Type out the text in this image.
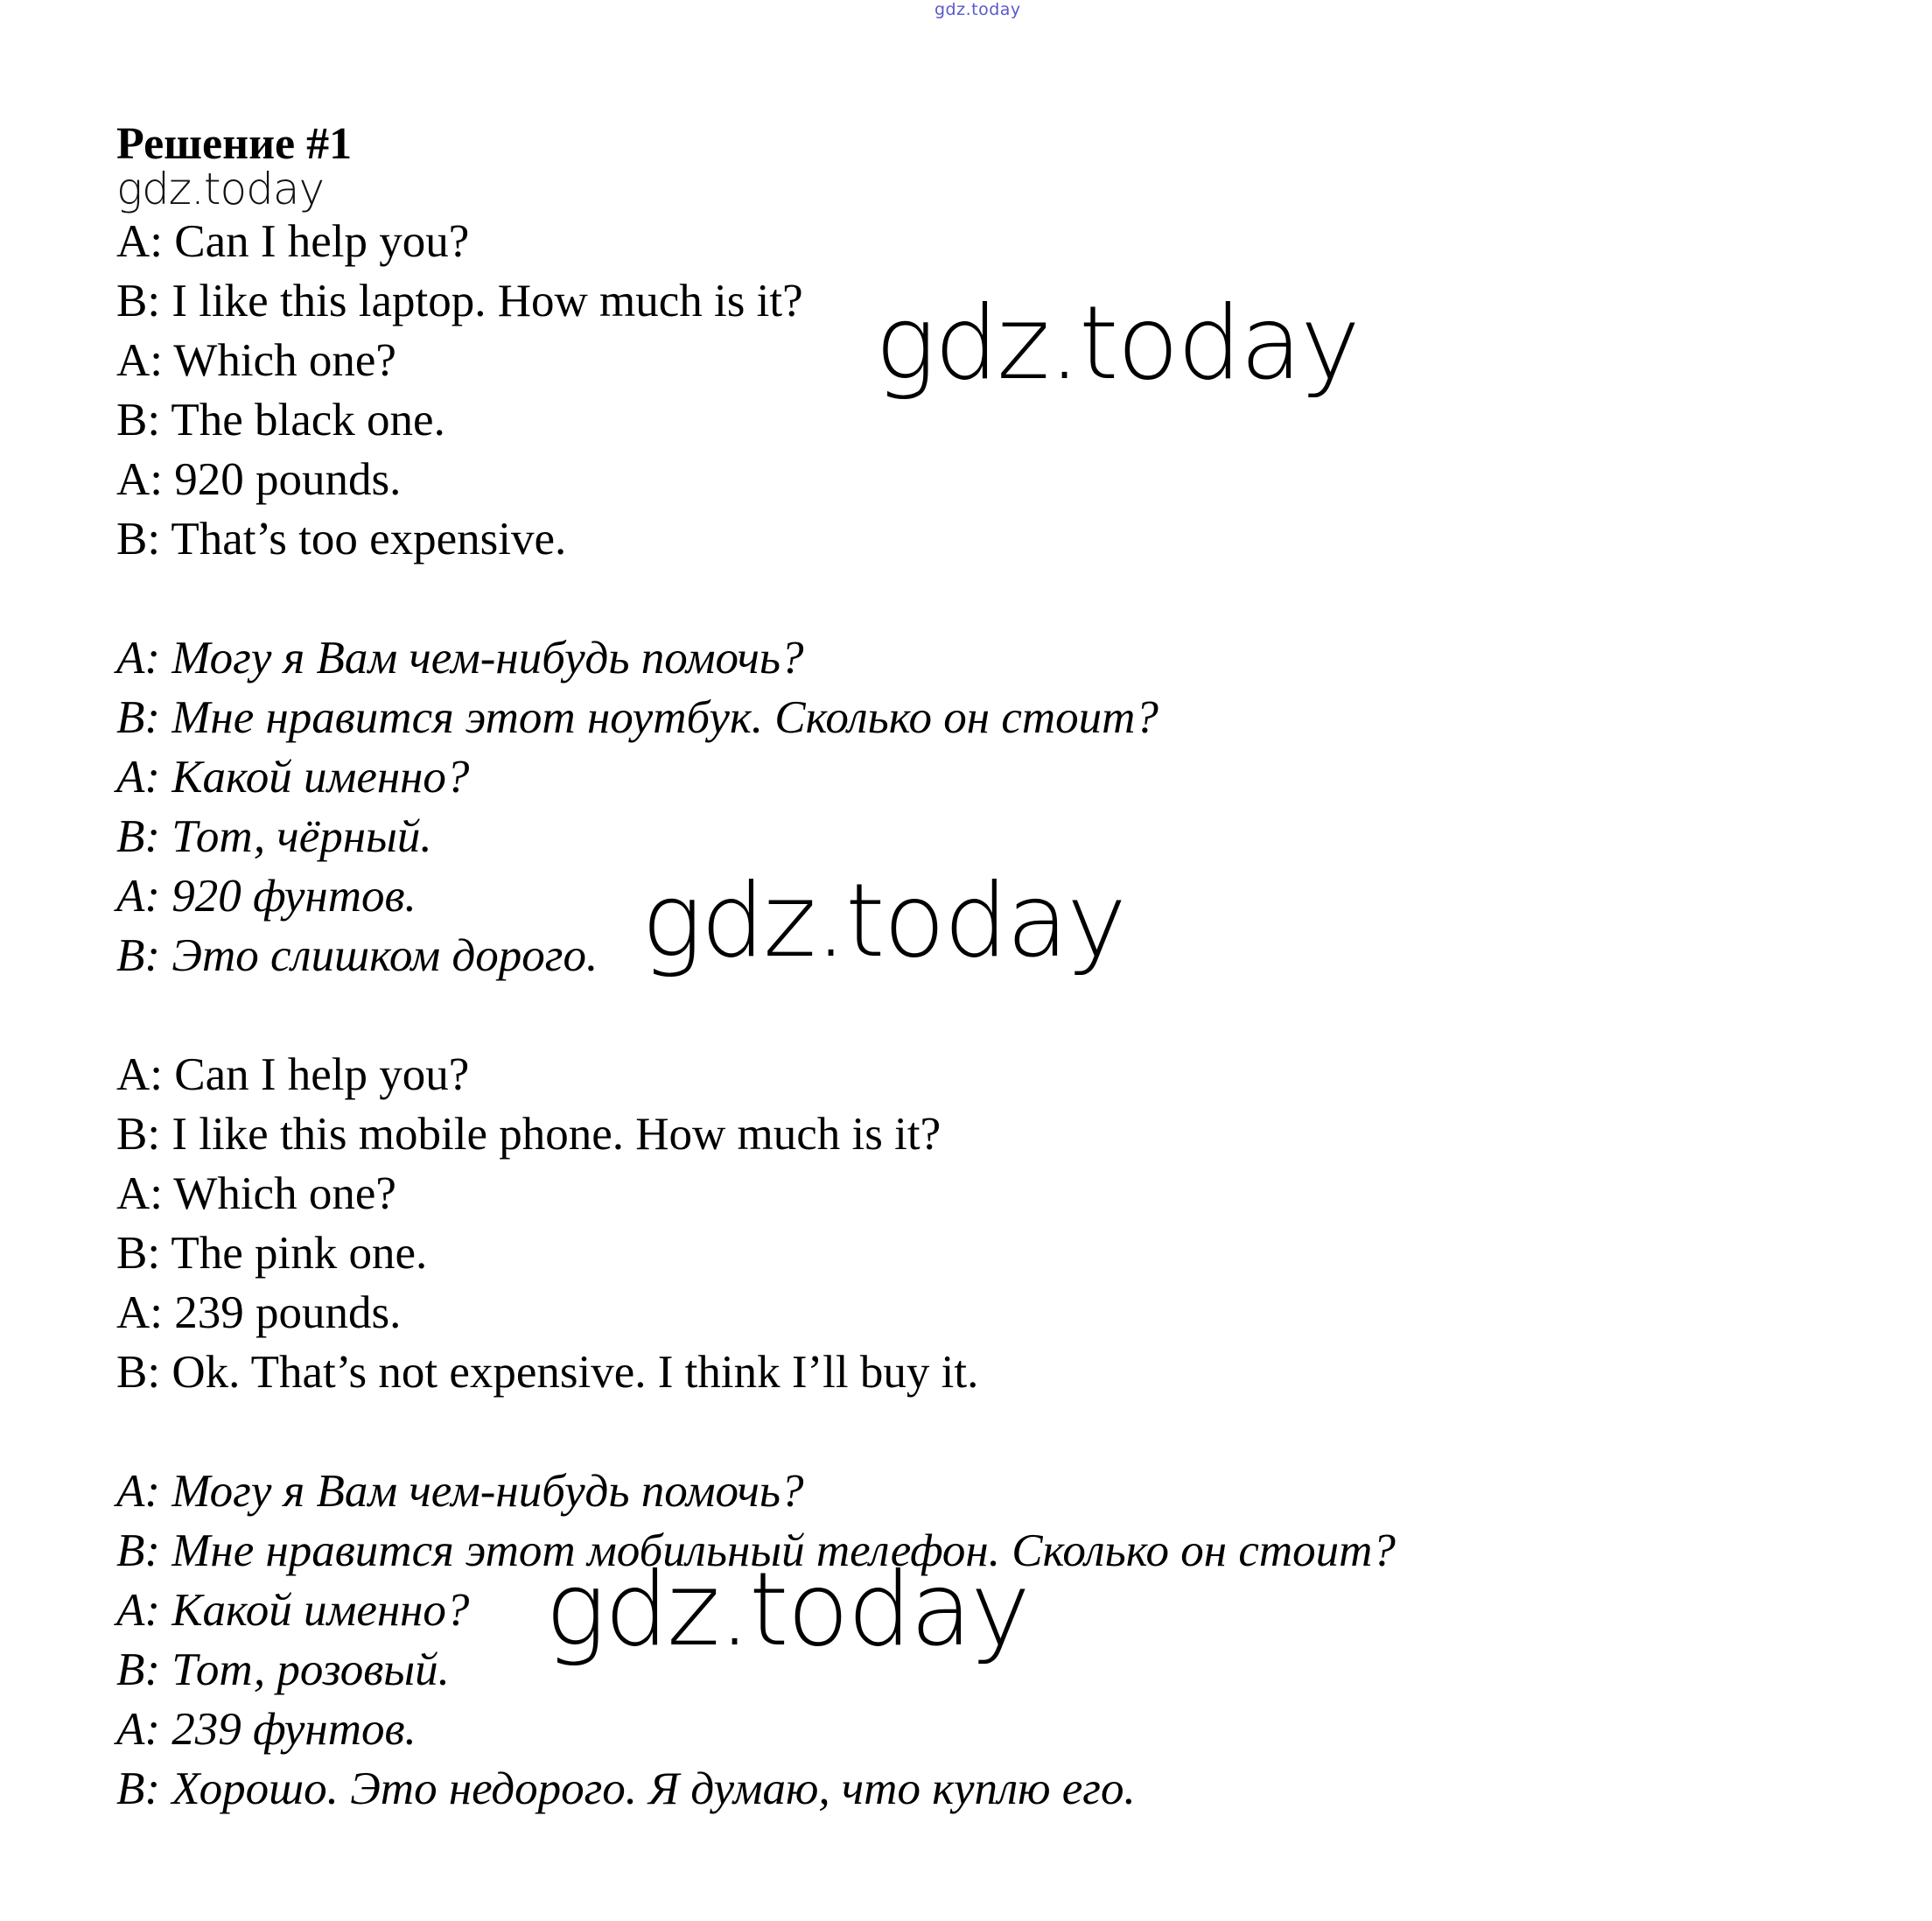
gdz.today
Решение #1
gdz.today
A: Can I help you?
B: I like this laptop. How much is it?
A: Which one?
B: The black one.
A: 920 pounds.
B: That’s too expensive.
A: Могу я Вам чем-нибудь помочь?
B: Мне нравится этот ноутбук. Сколько он стоит?
A: Какой именно?
B: Тот, чёрный.
A: 920 фунтов.
B: Это слишком дорого.
A: Can I help you?
B: I like this mobile phone. How much is it?
A: Which one?
B: The pink one.
A: 239 pounds.
B: Ok. That’s not expensive. I think I’ll buy it.
A: Могу я Вам чем-нибудь помочь?
B: Мне нравится этот мобильный телефон. Сколько он стоит?
A: Какой именно?
B: Тот, розовый.
A: 239 фунтов.
B: Хорошо. Это недорого. Я думаю, что куплю его.
gdz.today
gdz.today
gdz.today
